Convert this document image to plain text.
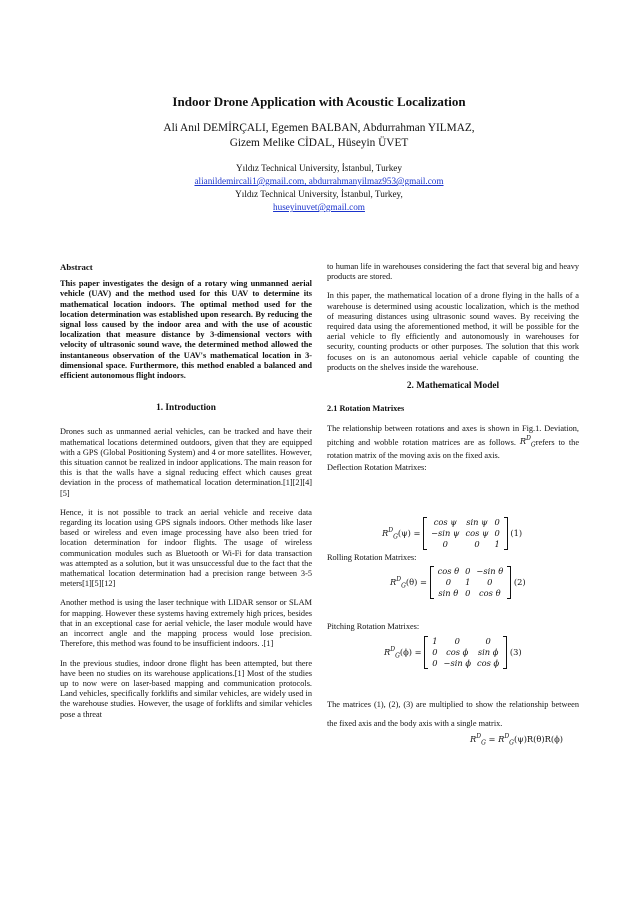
Indoor Drone Application with Acoustic Localization
Ali Anıl DEMİRÇALI, Egemen BALBAN, Abdurrahman YILMAZ,
Gizem Melike CİDAL, Hüseyin ÜVET
Yıldız Technical University, İstanbul, Turkey
alianildemircali1@gmail.com, abdurrahmanyilmaz953@gmail.com
Yıldız Technical University, İstanbul, Turkey,
huseyinuvet@gmail.com

Abstract

This paper investigates the design of a rotary wing unmanned aerial vehicle (UAV) and the method used for this UAV to determine its mathematical location indoors. The optimal method used for the location determination was established upon research. By reducing the signal loss caused by the indoor area and with the use of acoustic localization that measure distance by 3-dimensional vectors with velocity of ultrasonic sound wave, the determined method allowed the instantaneous observation of the UAV's mathematical location in 3-dimensional space. Furthermore, this method enabled a balanced and efficient autonomous flight indoors.

1. Introduction

Drones such as unmanned aerial vehicles, can be tracked and have their mathematical locations determined outdoors, given that they are equipped with a GPS (Global Positioning System) and 4 or more satellites. However, this situation cannot be realized in indoor applications. The main reason for this is that the walls have a signal reducing effect which causes great deviation in the process of mathematical location determination.[1][2][4][5]

Hence, it is not possible to track an aerial vehicle and receive data regarding its location using GPS signals indoors. Other methods like laser based or wireless and even image processing have also been tried for location determination for indoor flights. The usage of wireless communication modules such as Bluetooth or Wi-Fi for data transaction was attempted as a solution, but it was unsuccessful due to the fact that the mathematical location determination had a precision range between 3-5 meters[1][5][12]

Another method is using the laser technique with LIDAR sensor or SLAM for mapping. However these systems having extremely high prices, besides that in an exceptional case for aerial vehicle, the laser module would have an incorrect angle and the mapping process would lose precision. Therefore, this method was found to be insufficient indoors. .[1]

In the previous studies, indoor drone flight has been attempted, but there have been no studies on its warehouse applications.[1] Most of the studies up to now were on laser-based mapping and communication protocols. Land vehicles, specifically forklifts and similar vehicles, are widely used in the warehouse studies. However, the usage of forklifts and similar vehicles pose a threat

to human life in warehouses considering the fact that several big and heavy products are stored.

In this paper, the mathematical location of a drone flying in the halls of a warehouse is determined using acoustic localization, which is the method of measuring distances using ultrasonic sound waves. By receiving the required data using the aforementioned method, it will be possible for the aerial vehicle to fly efficiently and autonomously in warehouses for security, counting products or other purposes. The solution that this work focuses on is an autonomous aerial vehicle capable of counting the products on the shelves inside the warehouse.

2. Mathematical Model

2.1 Rotation Matrixes

The relationship between rotations and axes is shown in Fig.1. Deviation, pitching and wobble rotation matrices are as follows. $R^D_Grefers$ to the rotation matrix of the moving axis on the fixed axis.

Deflection Rotation Matrixes:

$R^D_G(\psi)$ =
cos ψ	sin ψ	0
−sin ψ	cos ψ	0
0	0	1
(1)
Rolling Rotation Matrixes:
$R^D_G(\theta)$ =
cos θ	0	−sin θ
0	1	0
sin θ	0	cos θ
(2)
Pitching Rotation Matrixes:
$R^D_G(\phi)$ =
1	0	0
0	cos ϕ	sin ϕ
0	−sin ϕ	cos ϕ
(3)
The matrices (1), (2), (3) are multiplied to show the relationship between the fixed axis and the body axis with a single matrix.
$R^D_G = R^D_G(\psi)R(\theta)R(\phi)$
